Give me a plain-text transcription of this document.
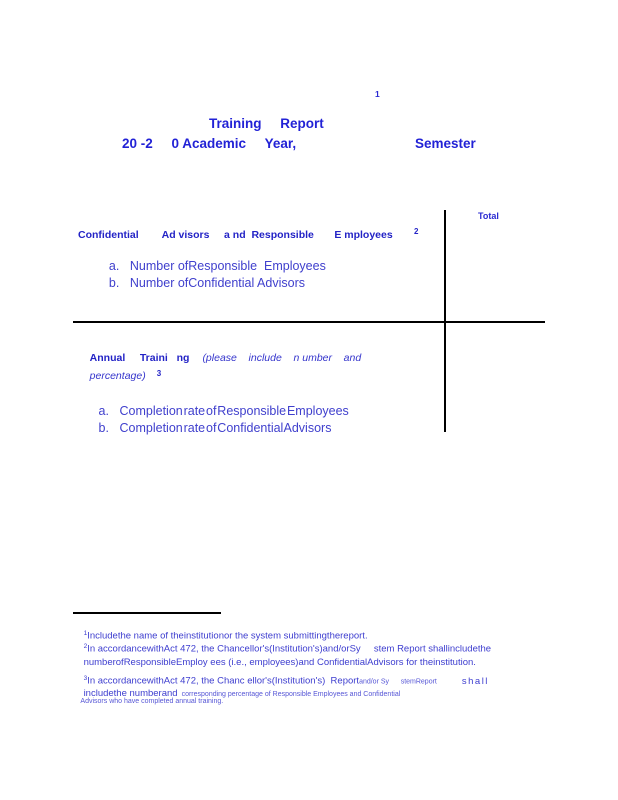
1
Training     Report
20 -2     0 Academic     Year,	Semester
Total
Confidential        Ad visors     a nd  Responsible       E mployees	2

a. Number ofResponsible  Employees

b. Number ofConfidential Advisors

Annual     Traini   ng (please    include    n umber    and

percentage) $^3$

a. Completion rate of Responsible Employees

b. Completion rate of Confidential Advisors

$^1$Includethe name of theinstitutionor the system submittingthereport.

$^2$In accordancewithAct 472, the Chancellor's(Institution's)and/orSy     stem Report shallincludethe

numberofResponsibleEmploy ees (i.e., employees)and ConfidentialAdvisors for theinstitution.

$^3$In accordancewithAct 472, the Chanc ellor's(Institution's)  Reportand/or Sy      stemReport	shall

includethe numberand corresponding percentage of Responsible Employees and Confidential

Advisors who have completed annual training.
